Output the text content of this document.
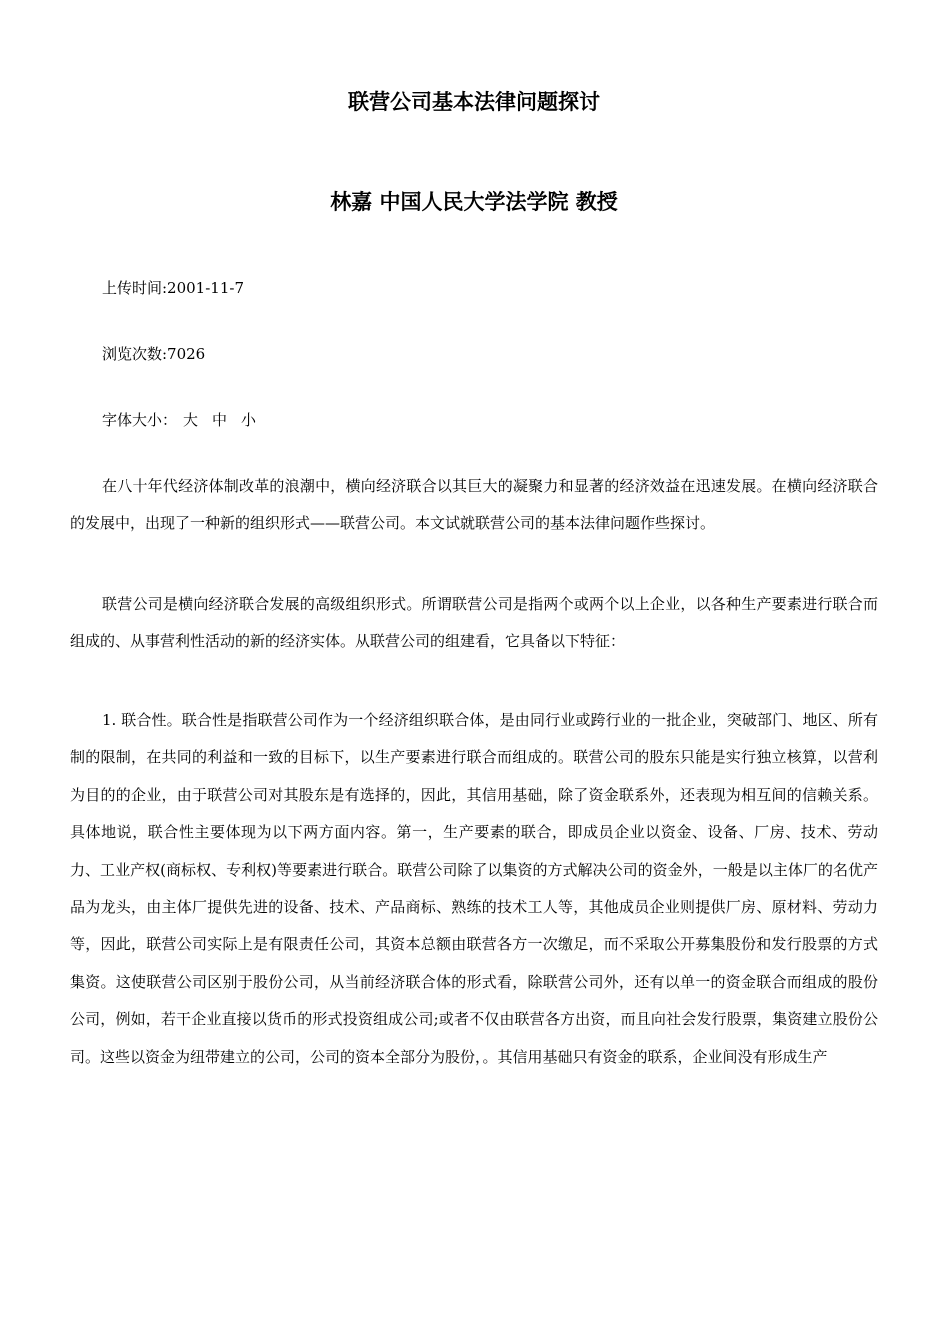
联营公司基本法律问题探讨
林嘉 中国人民大学法学院 教授
上传时间:2001-11-7
浏览次数:7026
字体大小： 大 中 小

在八十年代经济体制改革的浪潮中，横向经济联合以其巨大的凝聚力和显著的经济效益在迅速发展。在横向经济联合的发展中，出现了一种新的组织形式——联营公司。本文试就联营公司的基本法律问题作些探讨。

联营公司是横向经济联合发展的高级组织形式。所谓联营公司是指两个或两个以上企业，以各种生产要素进行联合而组成的、从事营利性活动的新的经济实体。从联营公司的组建看，它具备以下特征：

1. 联合性。联合性是指联营公司作为一个经济组织联合体，是由同行业或跨行业的一批企业，突破部门、地区、所有制的限制，在共同的利益和一致的目标下，以生产要素进行联合而组成的。联营公司的股东只能是实行独立核算，以营利为目的的企业，由于联营公司对其股东是有选择的，因此，其信用基础，除了资金联系外，还表现为相互间的信赖关系。具体地说，联合性主要体现为以下两方面内容。第一，生产要素的联合，即成员企业以资金、设备、厂房、技术、劳动力、工业产权(商标权、专利权)等要素进行联合。联营公司除了以集资的方式解决公司的资金外，一般是以主体厂的名优产品为龙头，由主体厂提供先进的设备、技术、产品商标、熟练的技术工人等，其他成员企业则提供厂房、原材料、劳动力等，因此，联营公司实际上是有限责任公司，其资本总额由联营各方一次缴足，而不采取公开募集股份和发行股票的方式集资。这使联营公司区别于股份公司，从当前经济联合体的形式看，除联营公司外，还有以单一的资金联合而组成的股份公司，例如，若干企业直接以货币的形式投资组成公司;或者不仅由联营各方出资，而且向社会发行股票，集资建立股份公司。这些以资金为纽带建立的公司，公司的资本全部分为股份，。其信用基础只有资金的联系，企业间没有形成生产
